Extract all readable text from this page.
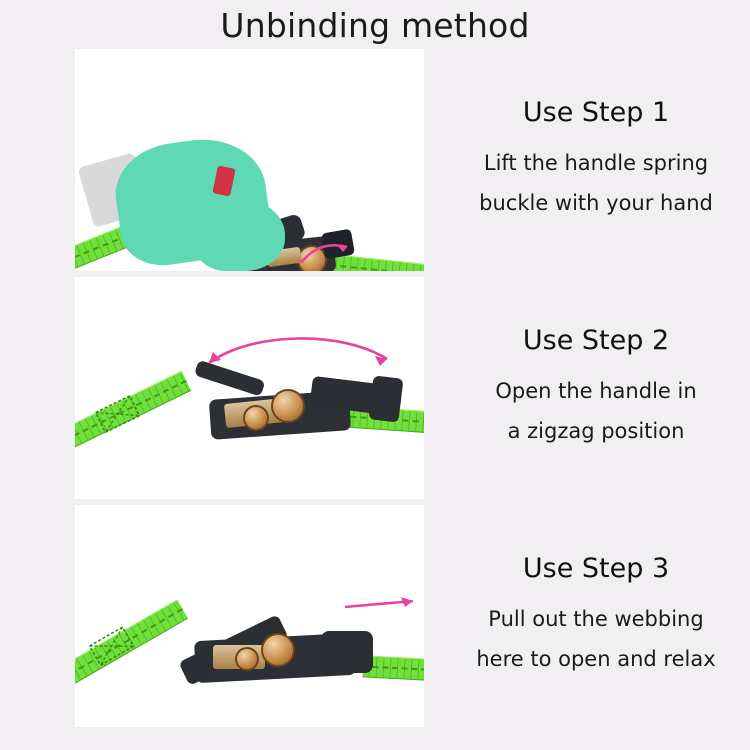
Unbinding method
Use Step 1
Lift the handle spring
buckle with your hand
Use Step 2
Open the handle in
a zigzag position
Use Step 3
Pull out the webbing
here to open and relax
